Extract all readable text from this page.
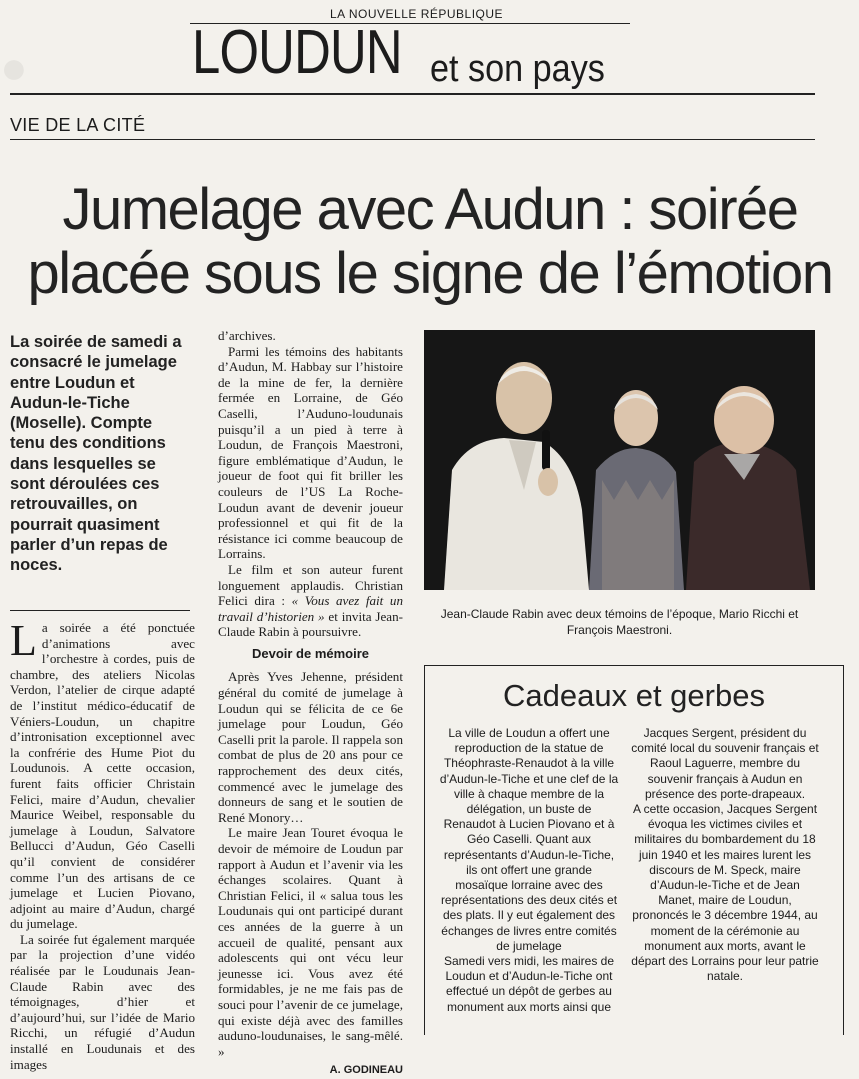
●
LA NOUVELLE RÉPUBLIQUE
LOUDUN et son pays
VIE DE LA CITÉ
Jumelage avec Audun : soirée placée sous le signe de l’émotion
La soirée de samedi a consacré le jumelage entre Loudun et Audun-le-Tiche (Moselle). Compte tenu des conditions dans lesquelles se sont déroulées ces retrouvailles, on pourrait quasiment parler d’un repas de noces.

La soirée a été ponctuée d’animations avec l’orchestre à cordes, puis de chambre, des ateliers Nicolas Verdon, l’atelier de cirque adapté de l’institut médico-éducatif de Véniers-Loudun, un chapitre d’intronisation exceptionnel avec la confrérie des Hume Piot du Loudunois. A cette occasion, furent faits officier Christain Felici, maire d’Audun, chevalier Maurice Weibel, responsable du jumelage à Loudun, Salvatore Bellucci d’Audun, Géo Caselli qu’il convient de considérer comme l’un des artisans de ce jumelage et Lucien Piovano, adjoint au maire d’Audun, chargé du jumelage.

La soirée fut également marquée par la projection d’une vidéo réalisée par le Loudunais Jean-Claude Rabin avec des témoignages, d’hier et d’aujourd’hui, sur l’idée de Mario Ricchi, un réfugié d’Audun installé en Loudunais et des images

d’archives.

Parmi les témoins des habitants d’Audun, M. Habbay sur l’histoire de la mine de fer, la dernière fermée en Lorraine, de Géo Caselli, l’Auduno-loudunais puisqu’il a un pied à terre à Loudun, de François Maestroni, figure emblématique d’Audun, le joueur de foot qui fit briller les couleurs de l’US La Roche-Loudun avant de devenir joueur professionnel et qui fit de la résistance ici comme beaucoup de Lorrains.

Le film et son auteur furent longuement applaudis. Christian Felici dira : « Vous avez fait un travail d’historien » et invita Jean-Claude Rabin à poursuivre.

Devoir de mémoire

Après Yves Jehenne, président général du comité de jumelage à Loudun qui se félicita de ce 6e jumelage pour Loudun, Géo Caselli prit la parole. Il rappela son combat de plus de 20 ans pour ce rapprochement des deux cités, commencé avec le jumelage des donneurs de sang et le soutien de René Monory…

Le maire Jean Touret évoqua le devoir de mémoire de Loudun par rapport à Audun et l’avenir via les échanges scolaires. Quant à Christian Felici, il « salua tous les Loudunais qui ont participé durant ces années de la guerre à un accueil de qualité, pensant aux adolescents qui ont vécu leur jeunesse ici. Vous avez été formidables, je ne me fais pas de souci pour l’avenir de ce jumelage, qui existe déjà avec des familles auduno-loudunaises, le sang-mêlé. »

A. GODINEAU
Jean-Claude Rabin avec deux témoins de l’époque, Mario Ricchi et François Maestroni.
Cadeaux et gerbes

La ville de Loudun a offert une reproduction de la statue de Théophraste-Renaudot à la ville d’Audun-le-Tiche et une clef de la ville à chaque membre de la délégation, un buste de Renaudot à Lucien Piovano et à Géo Caselli. Quant aux représentants d’Audun-le-Tiche, ils ont offert une grande mosaïque lorraine avec des représentations des deux cités et des plats. Il y eut également des échanges de livres entre comités de jumelage

Samedi vers midi, les maires de Loudun et d’Audun-le-Tiche ont effectué un dépôt de gerbes au monument aux morts ainsi que

Jacques Sergent, président du comité local du souvenir français et Raoul Laguerre, membre du souvenir français à Audun en présence des porte-drapeaux.

A cette occasion, Jacques Sergent évoqua les victimes civiles et militaires du bombardement du 18 juin 1940 et les maires lurent les discours de M. Speck, maire d’Audun-le-Tiche et de Jean Manet, maire de Loudun, prononcés le 3 décembre 1944, au moment de la cérémonie au monument aux morts, avant le départ des Lorrains pour leur patrie natale.
